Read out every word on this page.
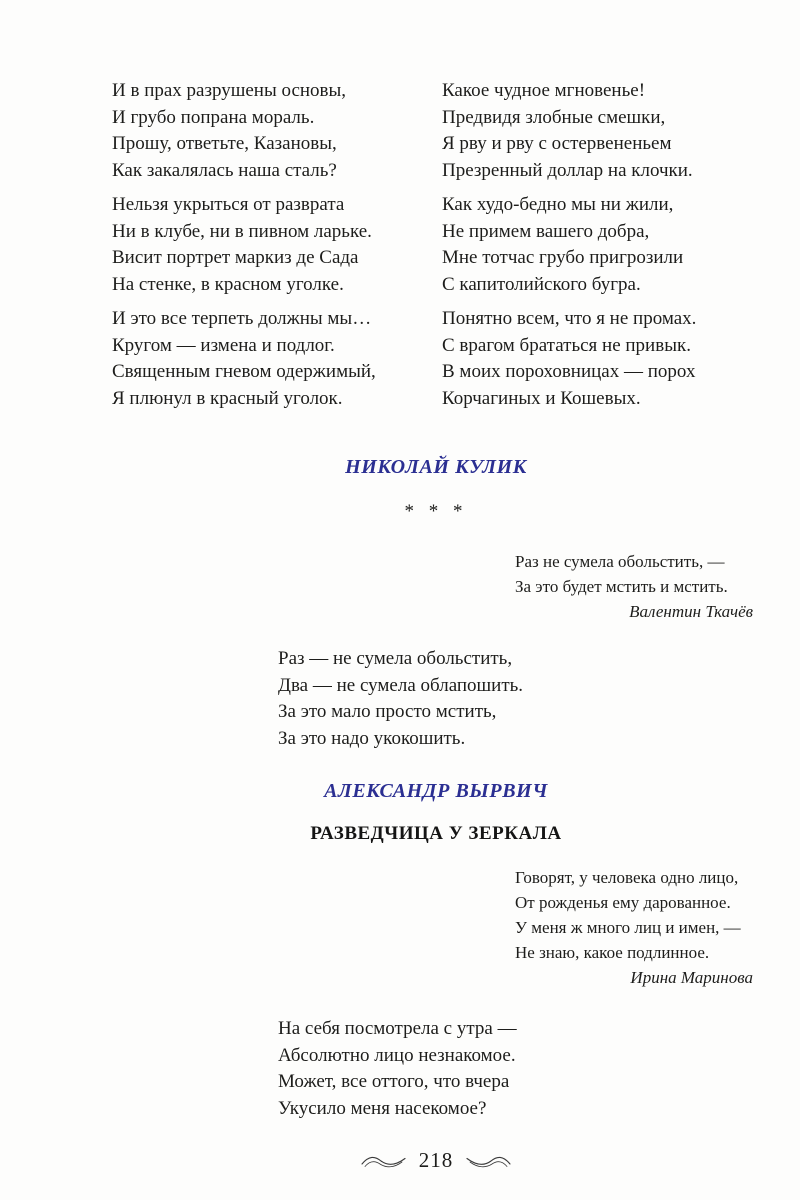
И в прах разрушены основы,
И грубо попрана мораль.
Прошу, ответьте, Казановы,
Как закалялась наша сталь?
Нельзя укрыться от разврата
Ни в клубе, ни в пивном ларьке.
Висит портрет маркиз де Сада
На стенке, в красном уголке.
И это все терпеть должны мы…
Кругом — измена и подлог.
Священным гневом одержимый,
Я плюнул в красный уголок.
Какое чудное мгновенье!
Предвидя злобные смешки,
Я рву и рву с остервененьем
Презренный доллар на клочки.
Как худо-бедно мы ни жили,
Не примем вашего добра,
Мне тотчас грубо пригрозили
С капитолийского бугра.
Понятно всем, что я не промах.
С врагом брататься не привык.
В моих пороховницах — порох
Корчагиных и Кошевых.
НИКОЛАЙ КУЛИК
* * *
Раз не сумела обольстить, —
За это будет мстить и мстить.
Валентин Ткачёв
Раз — не сумела обольстить,
Два — не сумела облапошить.
За это мало просто мстить,
За это надо укокошить.
АЛЕКСАНДР ВЫРВИЧ
РАЗВЕДЧИЦА У ЗЕРКАЛА
Говорят, у человека одно лицо,
От рожденья ему дарованное.
У меня ж много лиц и имен, —
Не знаю, какое подлинное.
Ирина Маринова
На себя посмотрела с утра —
Абсолютно лицо незнакомое.
Может, все оттого, что вчера
Укусило меня насекомое?
218
